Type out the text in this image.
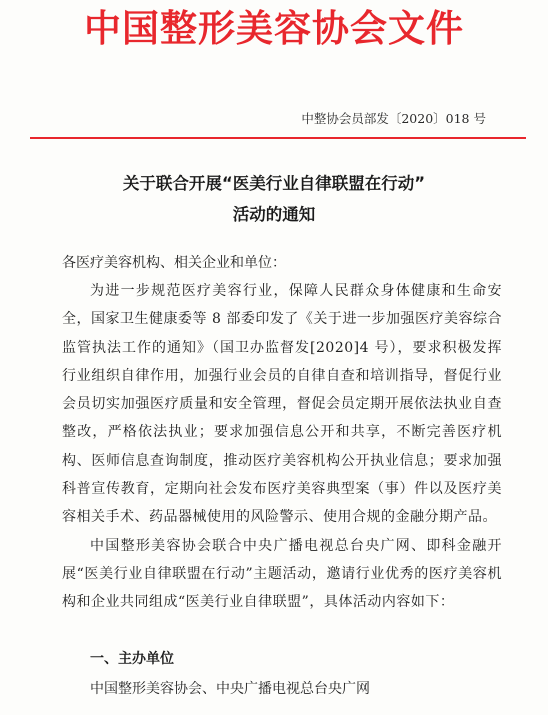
中国整形美容协会文件
中整协会员部发〔2020〕018 号
关于联合开展“医美行业自律联盟在行动”
活动的通知
各医疗美容机构、相关企业和单位：

为进一步规范医疗美容行业，保障人民群众身体健康和生命安全，国家卫生健康委等 8 部委印发了《关于进一步加强医疗美容综合监管执法工作的通知》（国卫办监督发[2020]4 号），要求积极发挥行业组织自律作用，加强行业会员的自律自查和培训指导，督促行业会员切实加强医疗质量和安全管理，督促会员定期开展依法执业自查整改，严格依法执业；要求加强信息公开和共享，不断完善医疗机构、医师信息查询制度，推动医疗美容机构公开执业信息；要求加强科普宣传教育，定期向社会发布医疗美容典型案（事）件以及医疗美容相关手术、药品器械使用的风险警示、使用合规的金融分期产品。

中国整形美容协会联合中央广播电视总台央广网、即科金融开展“医美行业自律联盟在行动”主题活动，邀请行业优秀的医疗美容机构和企业共同组成“医美行业自律联盟”，具体活动内容如下：

一、主办单位
中国整形美容协会、中央广播电视总台央广网
